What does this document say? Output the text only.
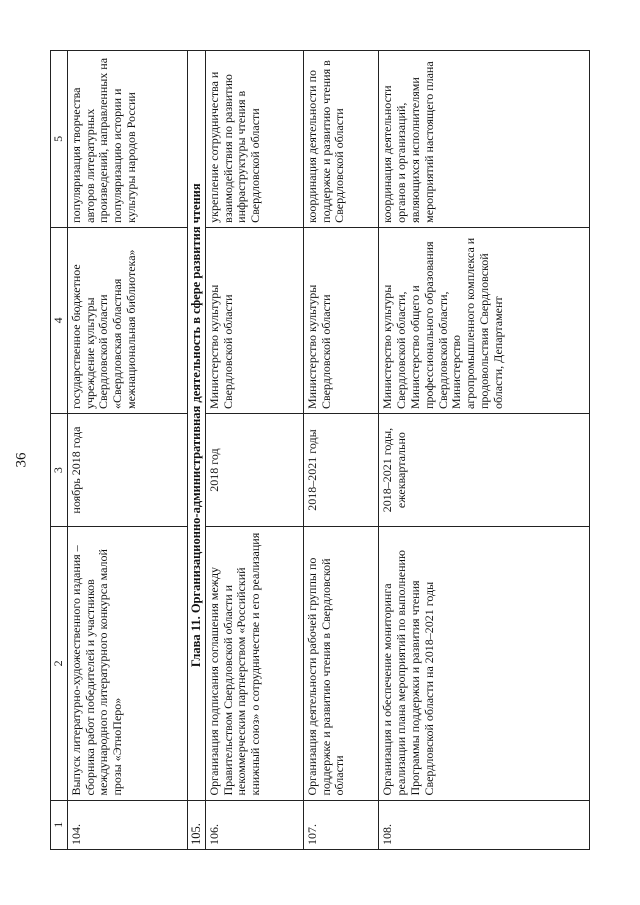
36
1	2	3	4	5
104.	Выпуск литературно-художественного издания – сборника работ победителей и участников международного литературного конкурса малой прозы «ЭтноПеро»	ноябрь 2018 года	государственное бюджетное учреждение культуры Свердловской области «Свердловская областная межнациональная библиотека»	популяризация творчества авторов литературных произведений, направленных на популяризацию истории и культуры народов России
105.	Глава 11. Организационно-административная деятельность в сфере развития чтения			
106.	Организация подписания соглашения между Правительством Свердловской области и некоммерческим партнерством «Российский книжный союз» о сотрудничестве и его реализация	2018 год	Министерство культуры Свердловской области	укрепление сотрудничества и взаимодействия по развитию инфраструктуры чтения в Свердловской области
107.	Организация деятельности рабочей группы по поддержке и развитию чтения в Свердловской области	2018–2021 годы	Министерство культуры Свердловской области	координация деятельности по поддержке и развитию чтения в Свердловской области
108.	Организация и обеспечение мониторинга реализации плана мероприятий по выполнению Программы поддержки и развития чтения Свердловской области на 2018–2021 годы	2018–2021 годы, ежеквартально	Министерство культуры Свердловской области, Министерство общего и профессионального образования Свердловской области, Министерство агропромышленного комплекса и продовольствия Свердловской области, Департамент	координация деятельности органов и организаций, являющихся исполнителями мероприятий настоящего плана
